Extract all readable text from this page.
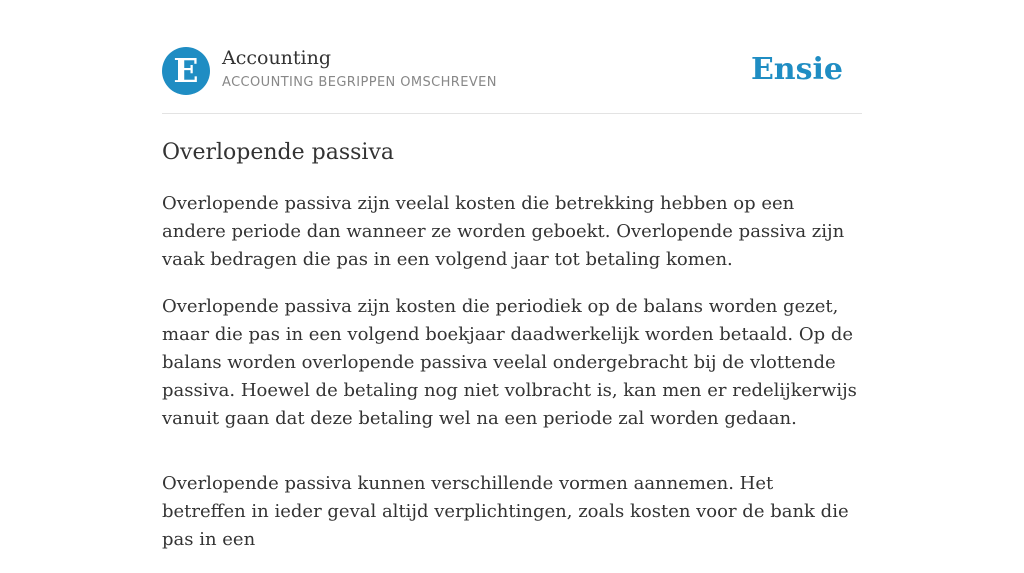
E	Accounting
ACCOUNTING BEGRIPPEN OMSCHREVEN	Ensie
Overlopende passiva

Overlopende passiva zijn veelal kosten die betrekking hebben op een andere periode dan wanneer ze worden geboekt. Overlopende passiva zijn vaak bedragen die pas in een volgend jaar tot betaling komen.

Overlopende passiva zijn kosten die periodiek op de balans worden gezet, maar die pas in een volgend boekjaar daadwerkelijk worden betaald. Op de balans worden overlopende passiva veelal ondergebracht bij de vlottende passiva. Hoewel de betaling nog niet volbracht is, kan men er redelijkerwijs vanuit gaan dat deze betaling wel na een periode zal worden gedaan.

Overlopende passiva kunnen verschillende vormen aannemen. Het betreffen in ieder geval altijd verplichtingen, zoals kosten voor de bank die pas in een
